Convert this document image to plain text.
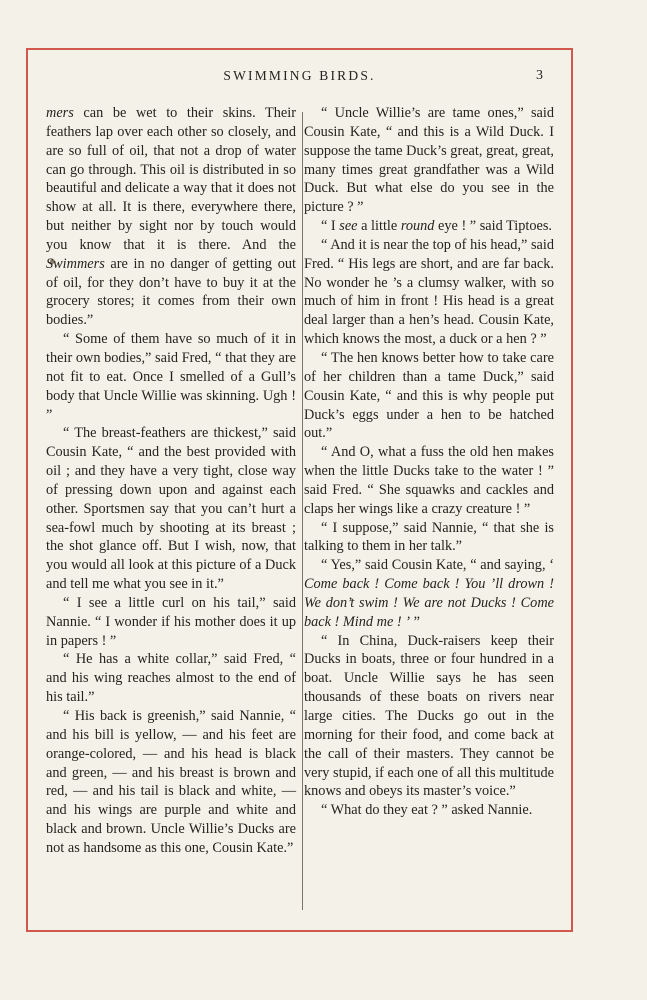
SWIMMING BIRDS.	3

mers can be wet to their skins. Their feathers lap over each other so closely, and are so full of oil, that not a drop of water can go through. This oil is distributed in so beautiful and delicate a way that it does not show at all. It is there, everywhere there, but neither by sight nor by touch would you know that it is there. And the Swimmers are in no danger of getting out of oil, for they don’t have to buy it at the grocery stores; it comes from their own bodies.”

“ Some of them have so much of it in their own bodies,” said Fred, “ that they are not fit to eat. Once I smelled of a Gull’s body that Uncle Willie was skinning. Ugh ! ”

“ The breast-feathers are thickest,” said Cousin Kate, “ and the best provided with oil ; and they have a very tight, close way of pressing down upon and against each other. Sportsmen say that you can’t hurt a sea-fowl much by shooting at its breast ; the shot glance off. But I wish, now, that you would all look at this picture of a Duck and tell me what you see in it.”

“ I see a little curl on his tail,” said Nannie. “ I wonder if his mother does it up in papers ! ”

“ He has a white collar,” said Fred, “ and his wing reaches almost to the end of his tail.”

“ His back is greenish,” said Nannie, “ and his bill is yellow, — and his feet are orange-colored, — and his head is black and green, — and his breast is brown and red, — and his tail is black and white, — and his wings are purple and white and black and brown. Uncle Willie’s Ducks are not as handsome as this one, Cousin Kate.”

“ Uncle Willie’s are tame ones,” said Cousin Kate, “ and this is a Wild Duck. I suppose the tame Duck’s great, great, great, many times great grandfather was a Wild Duck. But what else do you see in the picture ? ”

“ I see a little round eye ! ” said Tiptoes.

“ And it is near the top of his head,” said Fred. “ His legs are short, and are far back. No wonder he ’s a clumsy walker, with so much of him in front ! His head is a great deal larger than a hen’s head. Cousin Kate, which knows the most, a duck or a hen ? ”

“ The hen knows better how to take care of her children than a tame Duck,” said Cousin Kate, “ and this is why people put Duck’s eggs under a hen to be hatched out.”

“ And O, what a fuss the old hen makes when the little Ducks take to the water ! ” said Fred. “ She squawks and cackles and claps her wings like a crazy creature ! ”

“ I suppose,” said Nannie, “ that she is talking to them in her talk.”

“ Yes,” said Cousin Kate, “ and saying, ‘ Come back ! Come back ! You ’ll drown ! We don’t swim ! We are not Ducks ! Come back ! Mind me ! ’ ”

“ In China, Duck-raisers keep their Ducks in boats, three or four hundred in a boat. Uncle Willie says he has seen thousands of these boats on rivers near large cities. The Ducks go out in the morning for their food, and come back at the call of their masters. They cannot be very stupid, if each one of all this multitude knows and obeys its master’s voice.”

“ What do they eat ? ” asked Nannie.
